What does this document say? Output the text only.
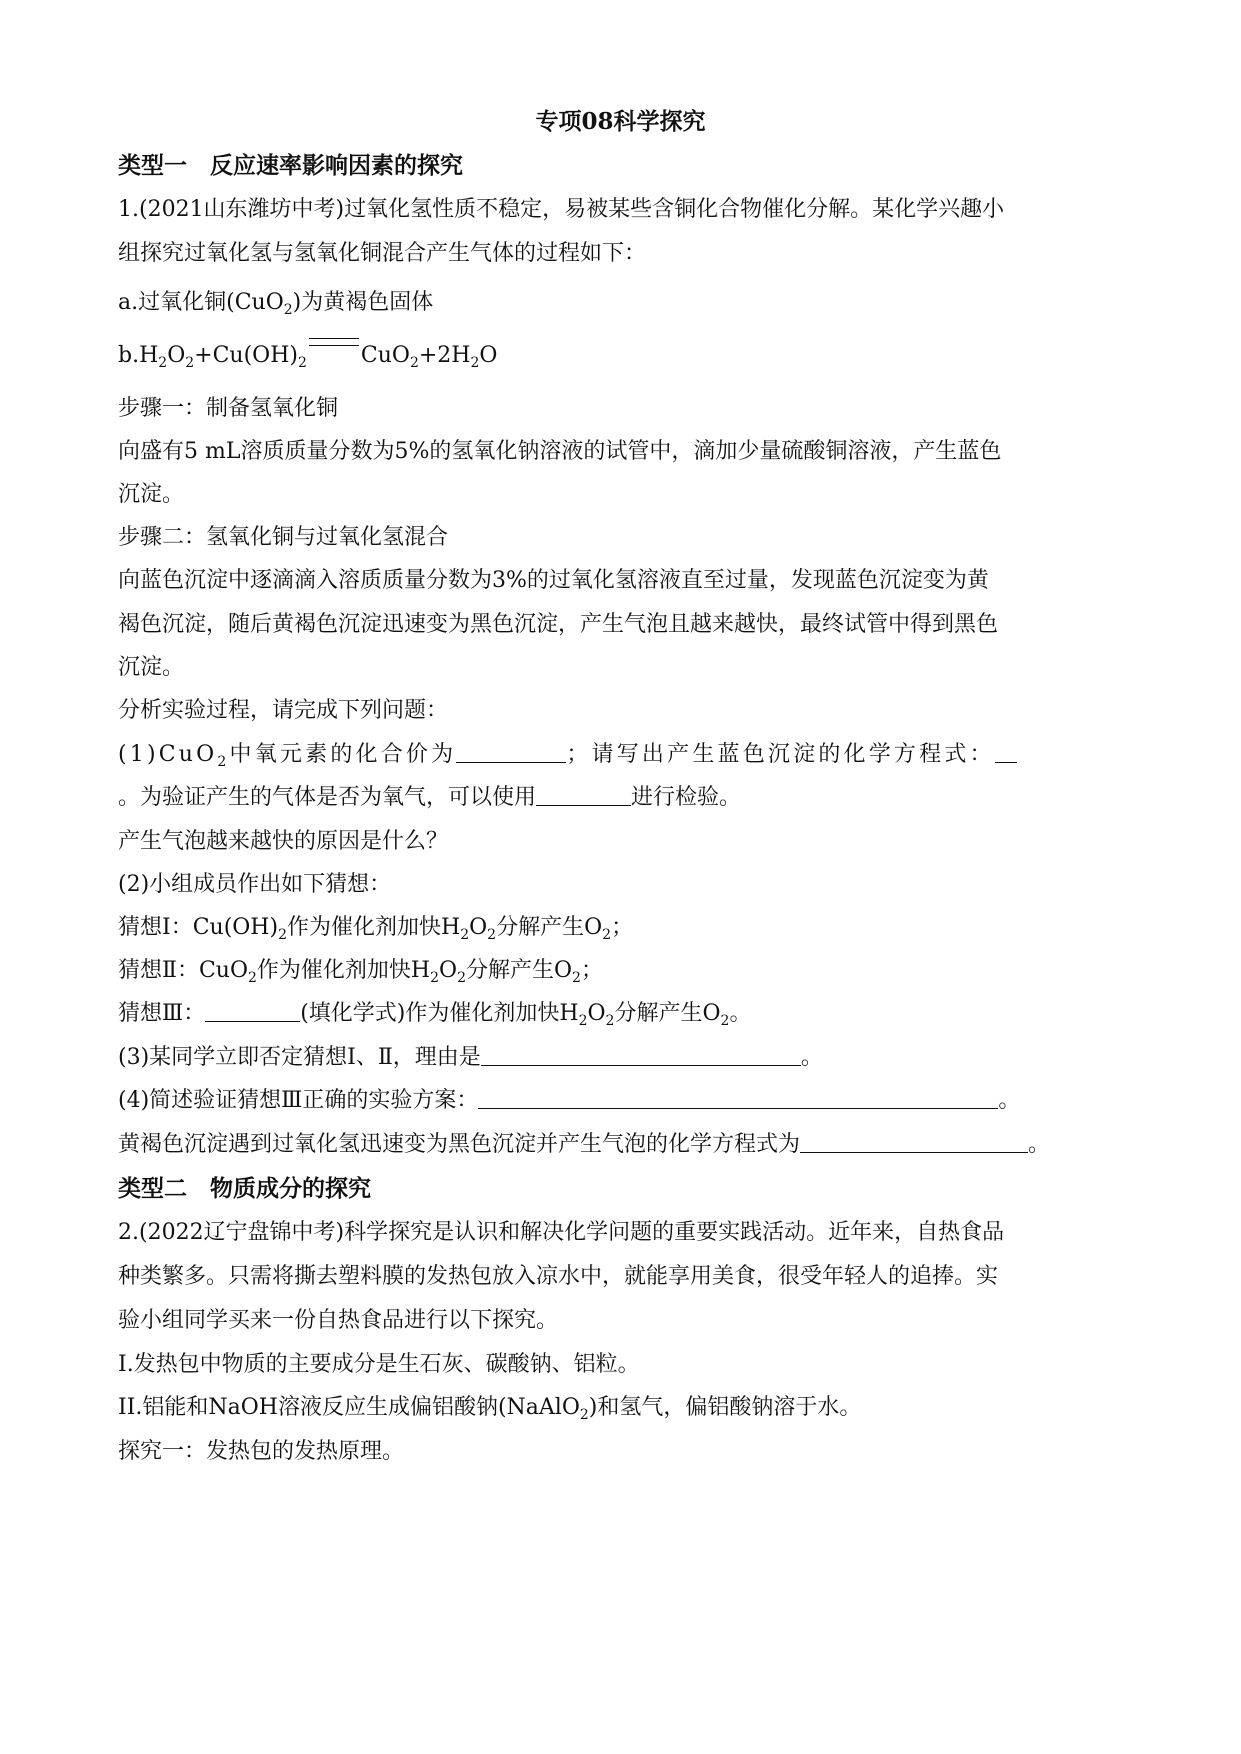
专项08科学探究
类型一　反应速率影响因素的探究
1.(2021山东潍坊中考)过氧化氢性质不稳定，易被某些含铜化合物催化分解。某化学兴趣小
组探究过氧化氢与氢氧化铜混合产生气体的过程如下：
a.过氧化铜(CuO$_2$)为黄褐色固体
$b.H_2O_2+Cu(OH)_2$ $CuO_2+2H_2O$
步骤一：制备氢氧化铜
向盛有5 mL溶质质量分数为5%的氢氧化钠溶液的试管中，滴加少量硫酸铜溶液，产生蓝色
沉淀。
步骤二：氢氧化铜与过氧化氢混合
向蓝色沉淀中逐滴滴入溶质质量分数为3%的过氧化氢溶液直至过量，发现蓝色沉淀变为黄
褐色沉淀，随后黄褐色沉淀迅速变为黑色沉淀，产生气泡且越来越快，最终试管中得到黑色
沉淀。
分析实验过程，请完成下列问题：
(1)CuO$_2$中氧元素的化合价为	；请写出产生蓝色沉淀的化学方程式：
。为验证产生的气体是否为氧气，可以使用	进行检验。
产生气泡越来越快的原因是什么？
(2)小组成员作出如下猜想：
猜想Ⅰ：$Cu(OH)_2$作为催化剂加快$H_2O_2$分解产生$O_2$；
猜想Ⅱ：CuO$_2$作为催化剂加快$H_2O_2$分解产生$O_2$；
猜想Ⅲ：	(填化学式)作为催化剂加快$H_2O_2$分解产生$O_2$。
(3)某同学立即否定猜想Ⅰ、Ⅱ，理由是	。
(4)简述验证猜想Ⅲ正确的实验方案：	。
黄褐色沉淀遇到过氧化氢迅速变为黑色沉淀并产生气泡的化学方程式为	。
类型二　物质成分的探究
2.(2022辽宁盘锦中考)科学探究是认识和解决化学问题的重要实践活动。近年来，自热食品
种类繁多。只需将撕去塑料膜的发热包放入凉水中，就能享用美食，很受年轻人的追捧。实
验小组同学买来一份自热食品进行以下探究。
I.发热包中物质的主要成分是生石灰、碳酸钠、铝粒。
II.铝能和NaOH溶液反应生成偏铝酸钠(NaAlO$_2$)和氢气，偏铝酸钠溶于水。
探究一：发热包的发热原理。
